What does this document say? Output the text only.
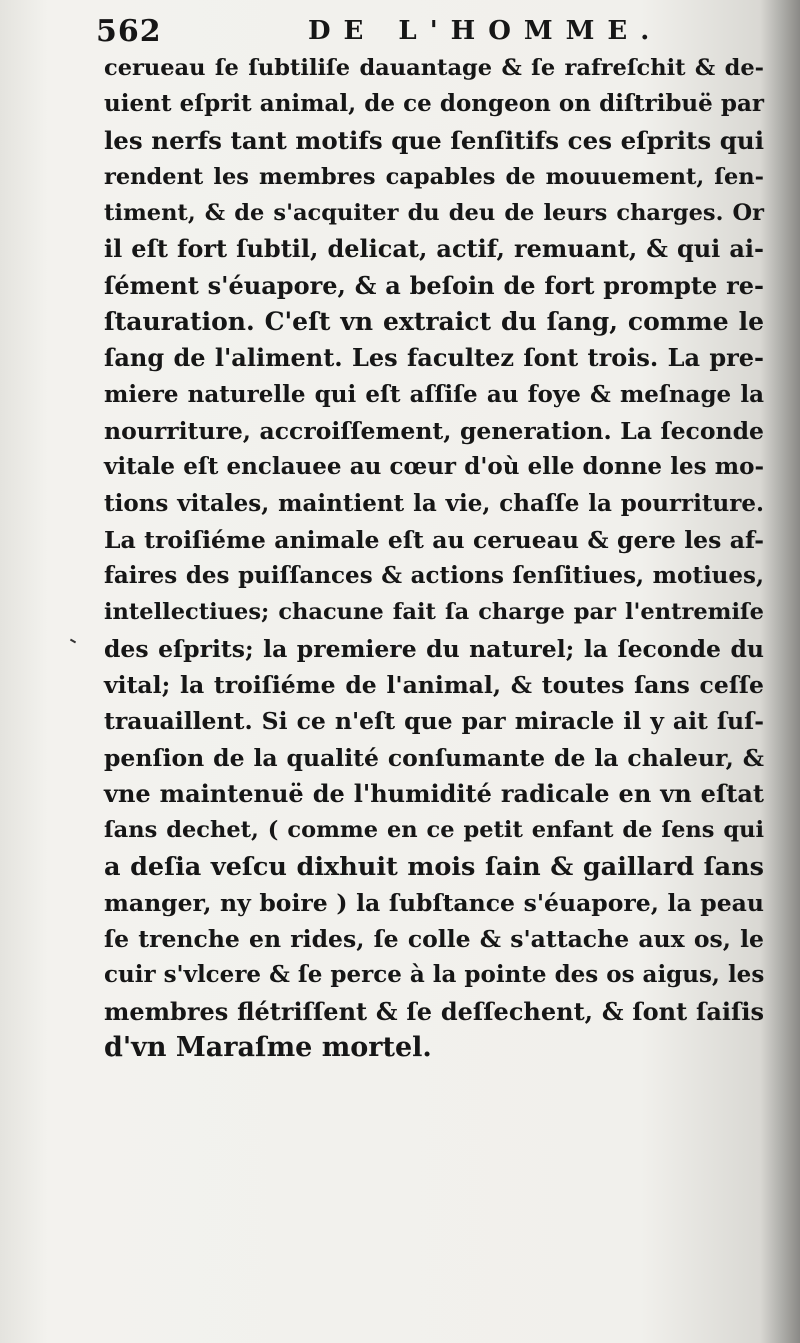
562	DE L'HOMME.
cerueau ſe ſubtiliſe dauantage & ſe rafreſchit & de-
uient eſprit animal, de ce dongeon on diſtribuë par
les nerfs tant motifs que ſenſitifs ces eſprits qui
rendent les membres capables de mouuement, ſen-
timent, & de s'acquiter du deu de leurs charges. Or
il eſt fort ſubtil, delicat, actif, remuant, & qui ai-
ſément s'éuapore, & a beſoin de fort prompte re-
ſtauration. C'eſt vn extraict du ſang, comme le
ſang de l'aliment. Les facultez ſont trois. La pre-
miere naturelle qui eſt aſſiſe au foye & meſnage la
nourriture, accroiſſement, generation. La ſeconde
vitale eſt enclauee au cœur d'où elle donne les mo-
tions vitales, maintient la vie, chaſſe la pourriture.
La troiſiéme animale eſt au cerueau & gere les af-
faires des puiſſances & actions ſenſitiues, motiues,
intellectiues; chacune fait ſa charge par l'entremiſe
des eſprits; la premiere du naturel; la ſeconde du
vital; la troiſiéme de l'animal, & toutes ſans ceſſe
trauaillent. Si ce n'eſt que par miracle il y ait ſuſ-
penſion de la qualité conſumante de la chaleur, &
vne maintenuë de l'humidité radicale en vn eſtat
ſans dechet, ( comme en ce petit enfant de ſens qui
a deſia veſcu dixhuit mois ſain & gaillard ſans
manger, ny boire ) la ſubſtance s'éuapore, la peau
ſe trenche en rides, ſe colle & s'attache aux os, le
cuir s'vlcere & ſe perce à la pointe des os aigus, les
membres flétriſſent & ſe deſſechent, & ſont ſaiſis
d'vn Maraſme mortel.
